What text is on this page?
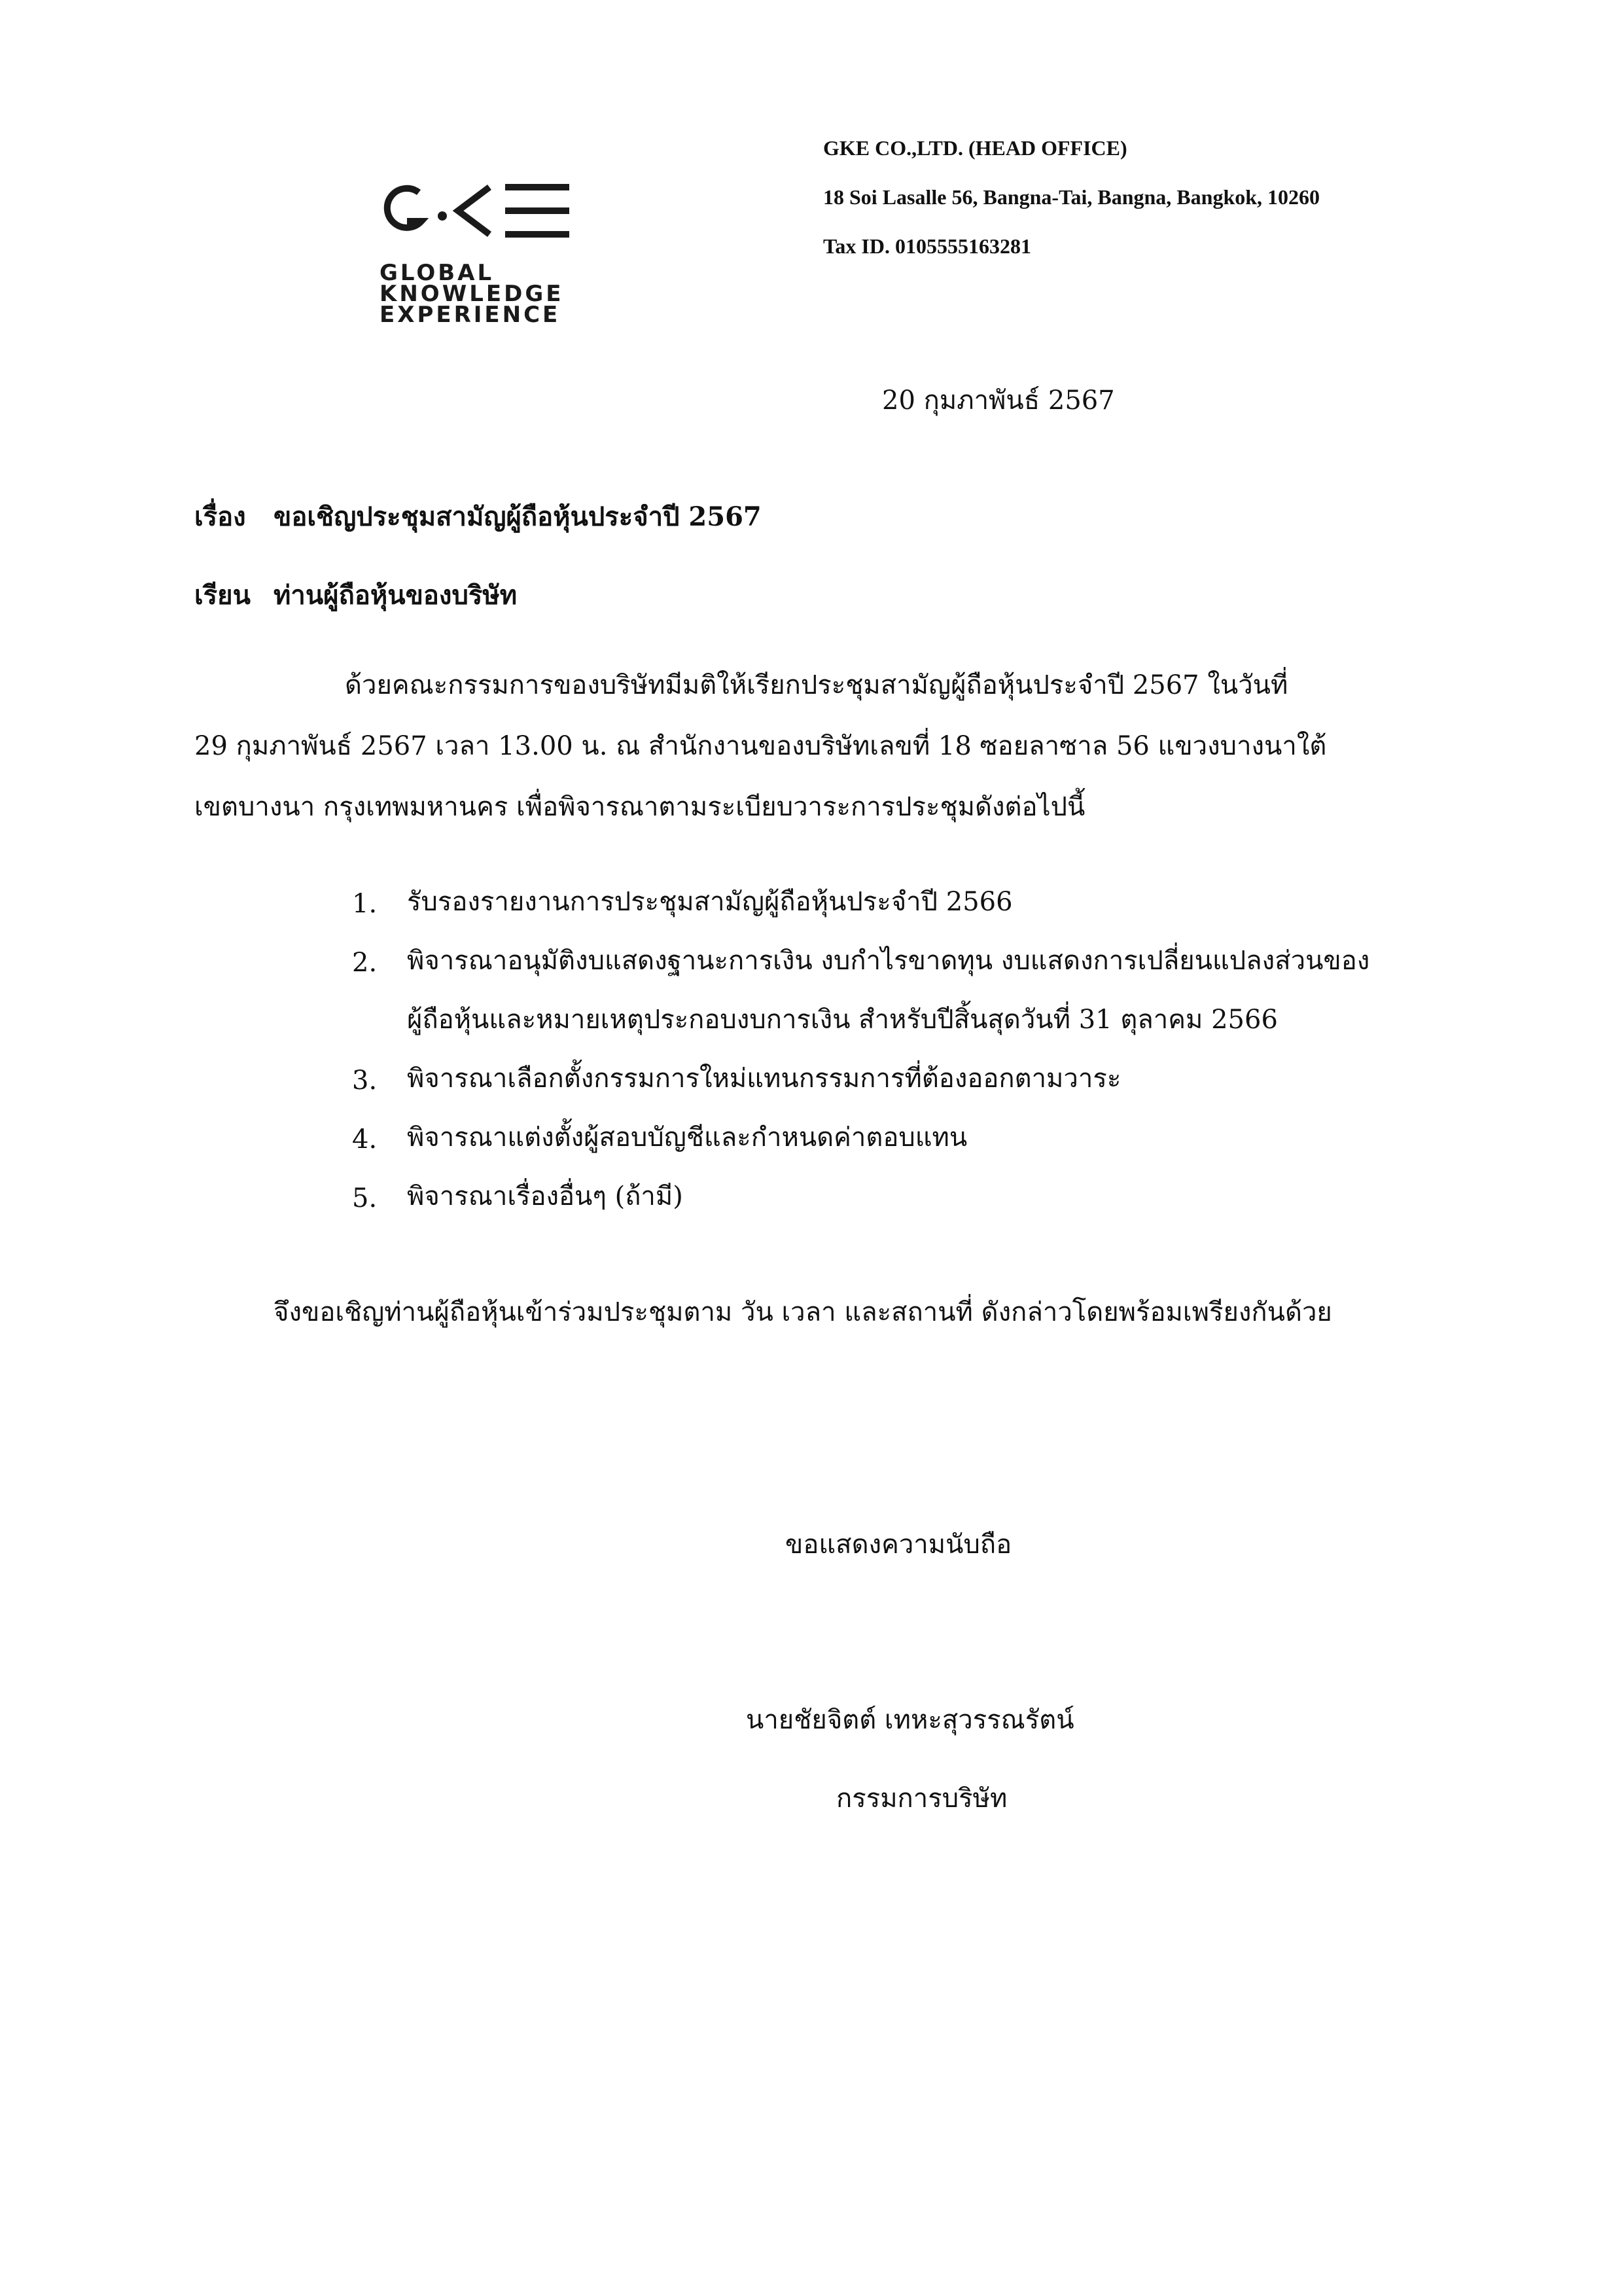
GLOBAL
KNOWLEDGE
EXPERIENCE
GKE CO.,LTD. (HEAD OFFICE)
18 Soi Lasalle 56, Bangna-Tai, Bangna, Bangkok, 10260
Tax ID. 0105555163281
20 กุมภาพันธ์ 2567
เรื่อง ขอเชิญประชุมสามัญผู้ถือหุ้นประจำปี 2567
เรียน ท่านผู้ถือหุ้นของบริษัท
ด้วยคณะกรรมการของบริษัทมีมติให้เรียกประชุมสามัญผู้ถือหุ้นประจำปี 2567 ในวันที่
29 กุมภาพันธ์ 2567 เวลา 13.00 น. ณ สำนักงานของบริษัทเลขที่ 18 ซอยลาซาล 56 แขวงบางนาใต้
เขตบางนา กรุงเทพมหานคร เพื่อพิจารณาตามระเบียบวาระการประชุมดังต่อไปนี้
1. รับรองรายงานการประชุมสามัญผู้ถือหุ้นประจำปี 2566
2. พิจารณาอนุมัติงบแสดงฐานะการเงิน งบกำไรขาดทุน งบแสดงการเปลี่ยนแปลงส่วนของ
ผู้ถือหุ้นและหมายเหตุประกอบงบการเงิน สำหรับปีสิ้นสุดวันที่ 31 ตุลาคม 2566
3. พิจารณาเลือกตั้งกรรมการใหม่แทนกรรมการที่ต้องออกตามวาระ
4. พิจารณาแต่งตั้งผู้สอบบัญชีและกำหนดค่าตอบแทน
5. พิจารณาเรื่องอื่นๆ (ถ้ามี)
จึงขอเชิญท่านผู้ถือหุ้นเข้าร่วมประชุมตาม วัน เวลา และสถานที่ ดังกล่าวโดยพร้อมเพรียงกันด้วย
ขอแสดงความนับถือ
นายชัยจิตต์ เทหะสุวรรณรัตน์
กรรมการบริษัท
